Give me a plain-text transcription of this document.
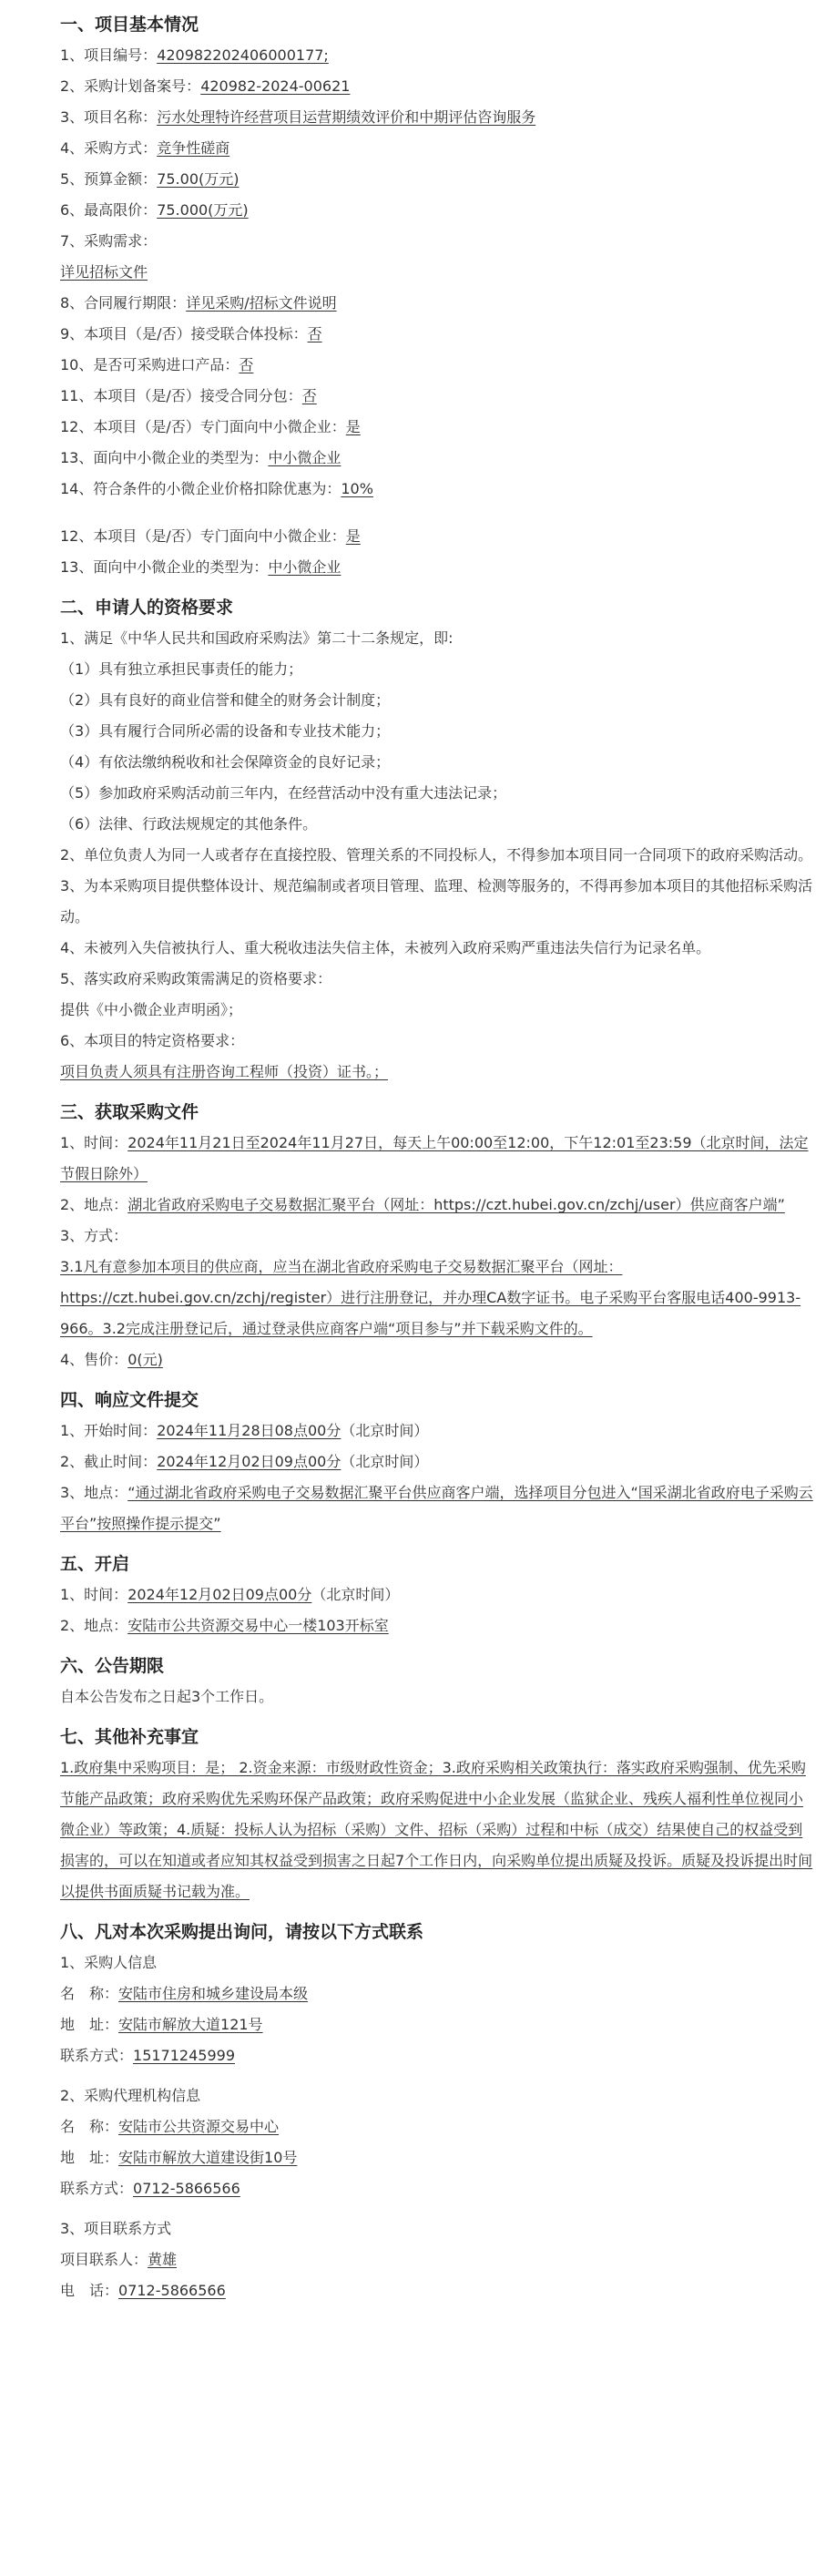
一、项目基本情况
1、项目编号：420982202406000177;
2、采购计划备案号：420982-2024-00621
3、项目名称：污水处理特许经营项目运营期绩效评价和中期评估咨询服务
4、采购方式：竞争性磋商
5、预算金额：75.00(万元)
6、最高限价：75.000(万元)
7、采购需求：
详见招标文件
8、合同履行期限：详见采购/招标文件说明
9、本项目（是/否）接受联合体投标：否
10、是否可采购进口产品：否
11、本项目（是/否）接受合同分包：否
12、本项目（是/否）专门面向中小微企业：是
13、面向中小微企业的类型为：中小微企业
14、符合条件的小微企业价格扣除优惠为：10%
12、本项目（是/否）专门面向中小微企业：是
13、面向中小微企业的类型为：中小微企业
二、申请人的资格要求
1、满足《中华人民共和国政府采购法》第二十二条规定，即:
（1）具有独立承担民事责任的能力；
（2）具有良好的商业信誉和健全的财务会计制度；
（3）具有履行合同所必需的设备和专业技术能力；
（4）有依法缴纳税收和社会保障资金的良好记录；
（5）参加政府采购活动前三年内，在经营活动中没有重大违法记录；
（6）法律、行政法规规定的其他条件。
2、单位负责人为同一人或者存在直接控股、管理关系的不同投标人，不得参加本项目同一合同项下的政府采购活动。
3、为本采购项目提供整体设计、规范编制或者项目管理、监理、检测等服务的，不得再参加本项目的其他招标采购活动。
4、未被列入失信被执行人、重大税收违法失信主体，未被列入政府采购严重违法失信行为记录名单。
5、落实政府采购政策需满足的资格要求：
提供《中小微企业声明函》；
6、本项目的特定资格要求：
项目负责人须具有注册咨询工程师（投资）证书。；
三、获取采购文件
1、时间：2024年11月21日至2024年11月27日，每天上午00:00至12:00，下午12:01至23:59（北京时间，法定节假日除外）
2、地点：湖北省政府采购电子交易数据汇聚平台（网址：https://czt.hubei.gov.cn/zchj/user）供应商客户端”
3、方式：
3.1凡有意参加本项目的供应商，应当在湖北省政府采购电子交易数据汇聚平台（网址：https://czt.hubei.gov.cn/zchj/register）进行注册登记，并办理CA数字证书。电子采购平台客服电话400-9913-966。3.2完成注册登记后，通过登录供应商客户端“项目参与”并下载采购文件的。
4、售价：0(元)
四、响应文件提交
1、开始时间：2024年11月28日08点00分（北京时间）
2、截止时间：2024年12月02日09点00分（北京时间）
3、地点：“通过湖北省政府采购电子交易数据汇聚平台供应商客户端，选择项目分包进入“国采湖北省政府电子采购云平台”按照操作提示提交”
五、开启
1、时间：2024年12月02日09点00分（北京时间）
2、地点：安陆市公共资源交易中心一楼103开标室
六、公告期限
自本公告发布之日起3个工作日。
七、其他补充事宜
1.政府集中采购项目：是； 2.资金来源：市级财政性资金；3.政府采购相关政策执行：落实政府采购强制、优先采购节能产品政策；政府采购优先采购环保产品政策；政府采购促进中小企业发展（监狱企业、残疾人福利性单位视同小微企业）等政策；4.质疑：投标人认为招标（采购）文件、招标（采购）过程和中标（成交）结果使自己的权益受到损害的，可以在知道或者应知其权益受到损害之日起7个工作日内，向采购单位提出质疑及投诉。质疑及投诉提出时间以提供书面质疑书记载为准。
八、凡对本次采购提出询问，请按以下方式联系
1、采购人信息
名　称：安陆市住房和城乡建设局本级
地　址：安陆市解放大道121号
联系方式：15171245999
2、采购代理机构信息
名　称：安陆市公共资源交易中心
地　址：安陆市解放大道建设街10号
联系方式：0712-5866566
3、项目联系方式
项目联系人：黄雄
电　话：0712-5866566
